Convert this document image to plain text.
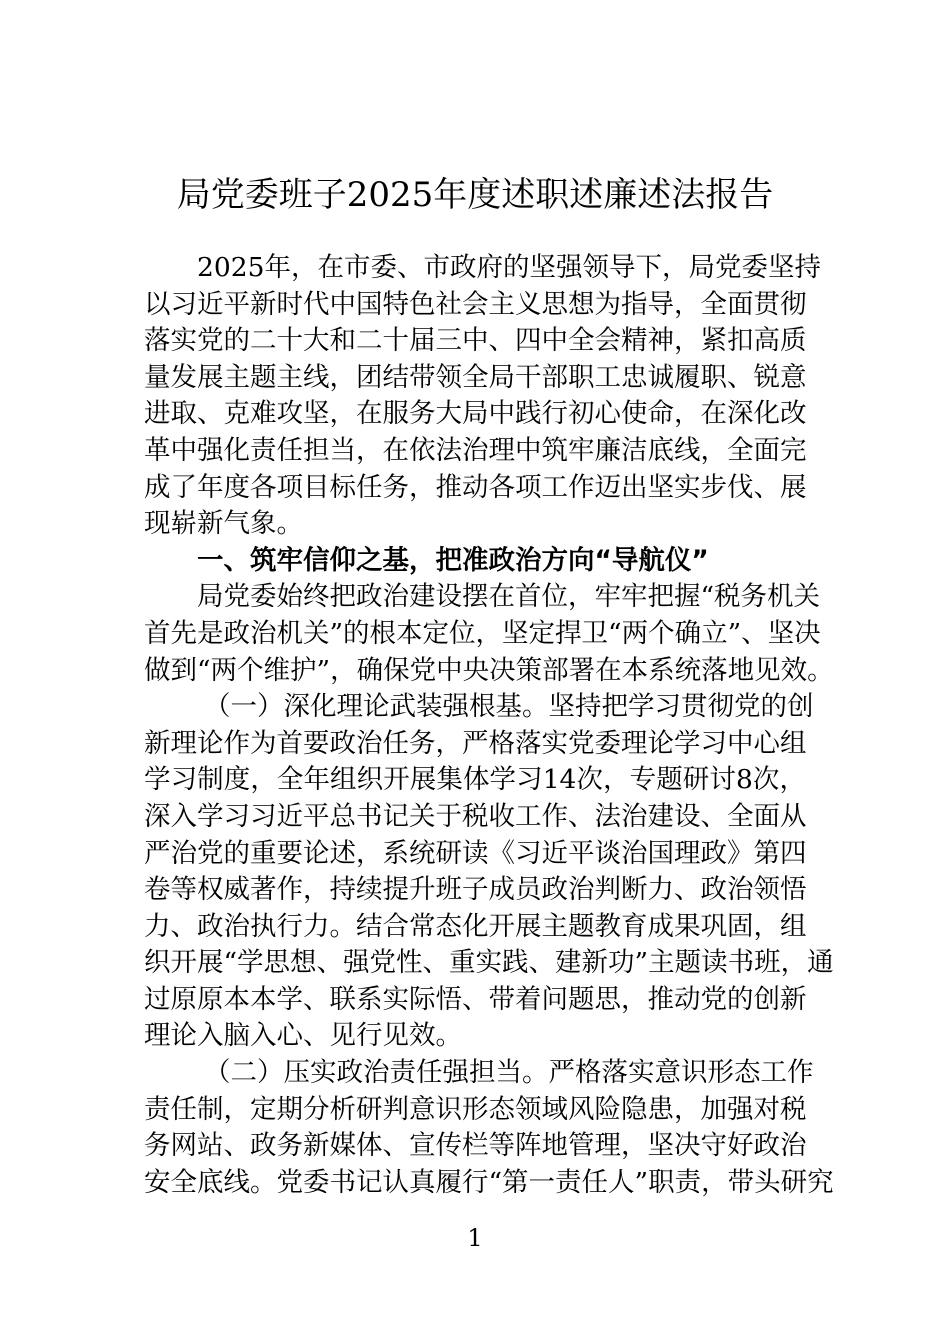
局党委班子2025年度述职述廉述法报告
2025年，在市委、市政府的坚强领导下，局党委坚持
以习近平新时代中国特色社会主义思想为指导，全面贯彻
落实党的二十大和二十届三中、四中全会精神，紧扣高质
量发展主题主线，团结带领全局干部职工忠诚履职、锐意
进取、克难攻坚，在服务大局中践行初心使命，在深化改
革中强化责任担当，在依法治理中筑牢廉洁底线，全面完
成了年度各项目标任务，推动各项工作迈出坚实步伐、展
现崭新气象。
一、筑牢信仰之基，把准政治方向“导航仪”
局党委始终把政治建设摆在首位，牢牢把握“税务机关
首先是政治机关”的根本定位，坚定捍卫“两个确立”、坚决
做到“两个维护”，确保党中央决策部署在本系统落地见效。
（一）深化理论武装强根基。坚持把学习贯彻党的创
新理论作为首要政治任务，严格落实党委理论学习中心组
学习制度，全年组织开展集体学习14次，专题研讨8次，
深入学习习近平总书记关于税收工作、法治建设、全面从
严治党的重要论述，系统研读《习近平谈治国理政》第四
卷等权威著作，持续提升班子成员政治判断力、政治领悟
力、政治执行力。结合常态化开展主题教育成果巩固，组
织开展“学思想、强党性、重实践、建新功”主题读书班，通
过原原本本学、联系实际悟、带着问题思，推动党的创新
理论入脑入心、见行见效。
（二）压实政治责任强担当。严格落实意识形态工作
责任制，定期分析研判意识形态领域风险隐患，加强对税
务网站、政务新媒体、宣传栏等阵地管理，坚决守好政治
安全底线。党委书记认真履行“第一责任人”职责，带头研究
1
